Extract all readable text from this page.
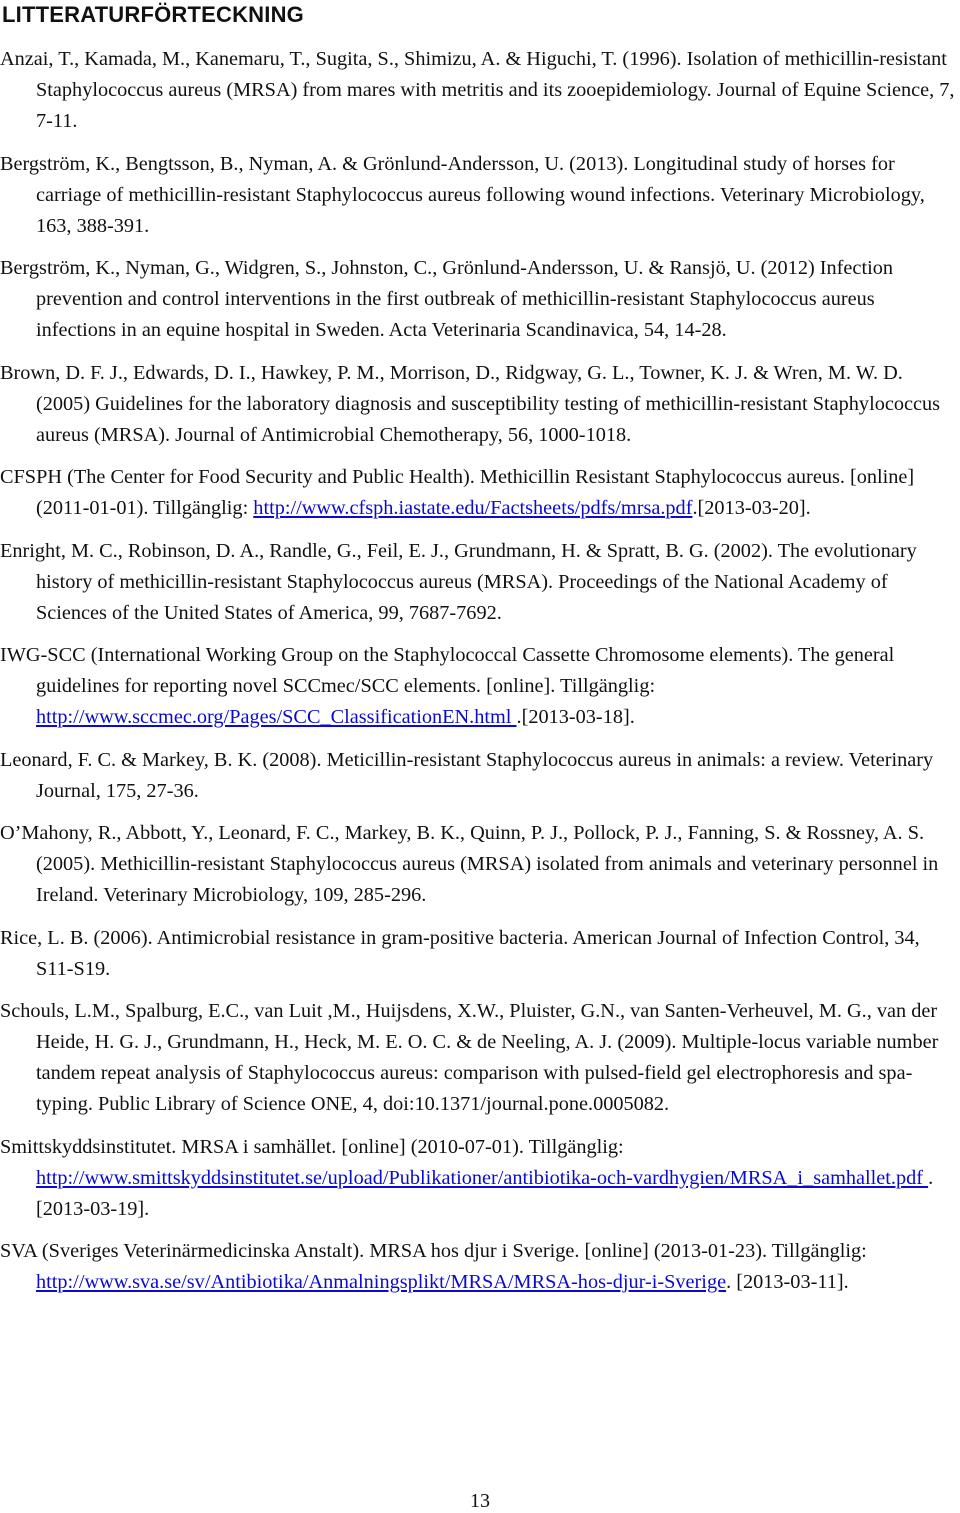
LITTERATURFÖRTECKNING
Anzai, T., Kamada, M., Kanemaru, T., Sugita, S., Shimizu, A. & Higuchi, T. (1996). Isolation of methicillin-resistant Staphylococcus aureus (MRSA) from mares with metritis and its zooepidemiology. Journal of Equine Science, 7, 7-11.
Bergström, K., Bengtsson, B., Nyman, A. & Grönlund-Andersson, U. (2013). Longitudinal study of horses for carriage of methicillin-resistant Staphylococcus aureus following wound infections. Veterinary Microbiology, 163, 388-391.
Bergström, K., Nyman, G., Widgren, S., Johnston, C., Grönlund-Andersson, U. & Ransjö, U. (2012) Infection prevention and control interventions in the first outbreak of methicillin-resistant Staphylococcus aureus infections in an equine hospital in Sweden. Acta Veterinaria Scandinavica, 54, 14-28.
Brown, D. F. J., Edwards, D. I., Hawkey, P. M., Morrison, D., Ridgway, G. L., Towner, K. J. & Wren, M. W. D. (2005) Guidelines for the laboratory diagnosis and susceptibility testing of methicillin-resistant Staphylococcus aureus (MRSA). Journal of Antimicrobial Chemotherapy, 56, 1000-1018.
CFSPH (The Center for Food Security and Public Health). Methicillin Resistant Staphylococcus aureus. [online] (2011-01-01). Tillgänglig: http://www.cfsph.iastate.edu/Factsheets/pdfs/mrsa.pdf.[2013-03-20].
Enright, M. C., Robinson, D. A., Randle, G., Feil, E. J., Grundmann, H. & Spratt, B. G. (2002). The evolutionary history of methicillin-resistant Staphylococcus aureus (MRSA). Proceedings of the National Academy of Sciences of the United States of America, 99, 7687-7692.
IWG-SCC (International Working Group on the Staphylococcal Cassette Chromosome elements). The general guidelines for reporting novel SCCmec/SCC elements. [online]. Tillgänglig: http://www.sccmec.org/Pages/SCC_ClassificationEN.html .[2013-03-18].
Leonard, F. C. & Markey, B. K. (2008). Meticillin-resistant Staphylococcus aureus in animals: a review. Veterinary Journal, 175, 27-36.
O’Mahony, R., Abbott, Y., Leonard, F. C., Markey, B. K., Quinn, P. J., Pollock, P. J., Fanning, S. & Rossney, A. S. (2005). Methicillin-resistant Staphylococcus aureus (MRSA) isolated from animals and veterinary personnel in Ireland. Veterinary Microbiology, 109, 285-296.
Rice, L. B. (2006). Antimicrobial resistance in gram-positive bacteria. American Journal of Infection Control, 34, S11-S19.
Schouls, L.M., Spalburg, E.C., van Luit ,M., Huijsdens, X.W., Pluister, G.N., van Santen-Verheuvel, M. G., van der Heide, H. G. J., Grundmann, H., Heck, M. E. O. C. & de Neeling, A. J. (2009). Multiple-locus variable number tandem repeat analysis of Staphylococcus aureus: comparison with pulsed-field gel electrophoresis and spa-typing. Public Library of Science ONE, 4, doi:10.1371/journal.pone.0005082.
Smittskyddsinstitutet. MRSA i samhället. [online] (2010-07-01). Tillgänglig: http://www.smittskyddsinstitutet.se/upload/Publikationer/antibiotika-och-vardhygien/MRSA_i_samhallet.pdf . [2013-03-19].
SVA (Sveriges Veterinärmedicinska Anstalt). MRSA hos djur i Sverige. [online] (2013-01-23). Tillgänglig: http://www.sva.se/sv/Antibiotika/Anmalningsplikt/MRSA/MRSA-hos-djur-i-Sverige. [2013-03-11].
13
